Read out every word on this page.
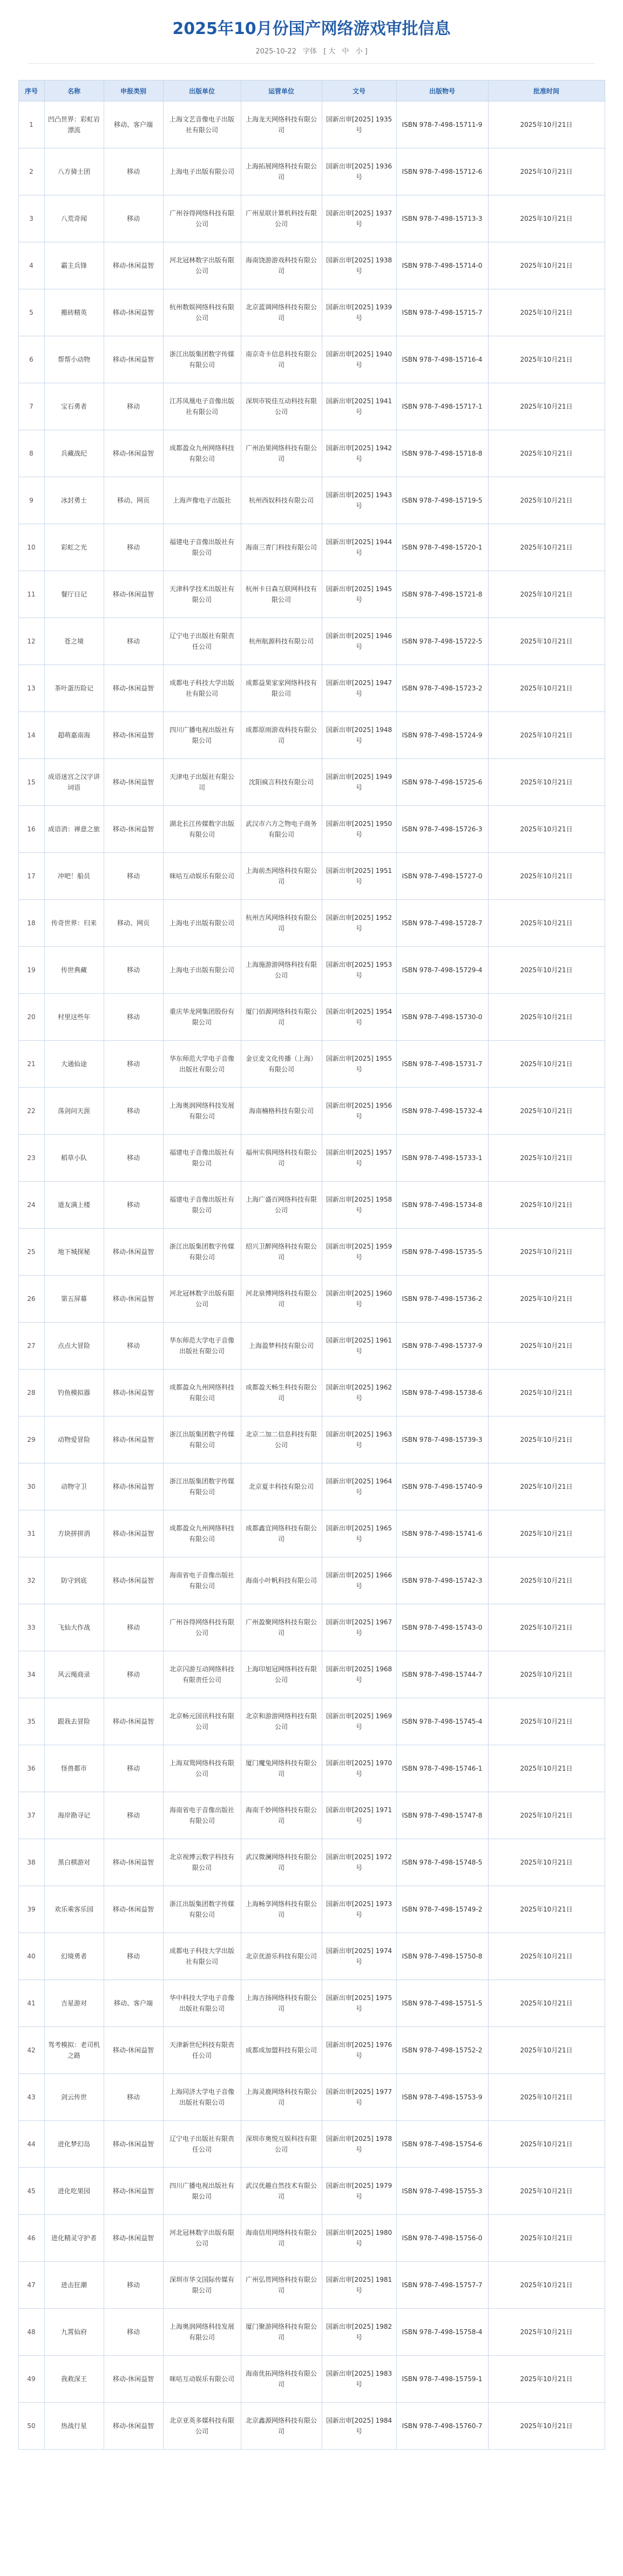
2025年10月份国产网络游戏审批信息
2025-10-22 字体 [ 大 中 小 ]
序号	名称	申报类别	出版单位	运营单位	文号	出版物号	批准时间
1	凹凸世界：彩虹岩漂流	移动、客户端	上海文艺音像电子出版社有限公司	上海龙天网络科技有限公司	国新出审[2025] 1935 号	ISBN 978-7-498-15711-9	2025年10月21日
2	八方骑士团	移动	上海电子出版有限公司	上海拓展网络科技有限公司	国新出审[2025] 1936 号	ISBN 978-7-498-15712-6	2025年10月21日
3	八荒奇闻	移动	广州谷得网络科技有限公司	广州星联计算机科技有限公司	国新出审[2025] 1937 号	ISBN 978-7-498-15713-3	2025年10月21日
4	霸主兵锋	移动-休闲益智	河北冠林数字出版有限公司	海南饶游游戏科技有限公司	国新出审[2025] 1938 号	ISBN 978-7-498-15714-0	2025年10月21日
5	搬砖精英	移动-休闲益智	杭州数娱网络科技有限公司	北京蓝调网络科技有限公司	国新出审[2025] 1939 号	ISBN 978-7-498-15715-7	2025年10月21日
6	帮帮小动物	移动-休闲益智	浙江出版集团数字传媒有限公司	南京奇卡信息科技有限公司	国新出审[2025] 1940 号	ISBN 978-7-498-15716-4	2025年10月21日
7	宝石勇者	移动	江苏凤凰电子音像出版社有限公司	深圳市锐佳互动科技有限公司	国新出审[2025] 1941 号	ISBN 978-7-498-15717-1	2025年10月21日
8	兵藏战纪	移动-休闲益智	成都盈众九州网络科技有限公司	广州治果网络科技有限公司	国新出审[2025] 1942 号	ISBN 978-7-498-15718-8	2025年10月21日
9	冰封勇士	移动、网页	上海声像电子出版社	杭州西奴科技有限公司	国新出审[2025] 1943 号	ISBN 978-7-498-15719-5	2025年10月21日
10	彩虹之光	移动	福建电子音像出版社有限公司	海南三青门科技有限公司	国新出审[2025] 1944 号	ISBN 978-7-498-15720-1	2025年10月21日
11	餐厅日记	移动-休闲益智	天津科学技术出版社有限公司	杭州卡日森互联网科技有限公司	国新出审[2025] 1945 号	ISBN 978-7-498-15721-8	2025年10月21日
12	苍之境	移动	辽宁电子出版社有限责任公司	杭州航源科技有限公司	国新出审[2025] 1946 号	ISBN 978-7-498-15722-5	2025年10月21日
13	茶叶蛋历险记	移动-休闲益智	成都电子科技大学出版社有限公司	成都益果家家网络科技有限公司	国新出审[2025] 1947 号	ISBN 978-7-498-15723-2	2025年10月21日
14	超萌嘉南海	移动-休闲益智	四川广播电视出版社有限公司	成都原雨游戏科技有限公司	国新出审[2025] 1948 号	ISBN 978-7-498-15724-9	2025年10月21日
15	成语迷宫之汉字讲词语	移动-休闲益智	天津电子出版社有限公司	沈阳疯言科技有限公司	国新出审[2025] 1949 号	ISBN 978-7-498-15725-6	2025年10月21日
16	成语消：禅意之旅	移动-休闲益智	湖北长江传媒数字出版有限公司	武汉市六方之物电子商务有限公司	国新出审[2025] 1950 号	ISBN 978-7-498-15726-3	2025年10月21日
17	冲吧！船员	移动	咪咕互动娱乐有限公司	上海前杰网络科技有限公司	国新出审[2025] 1951 号	ISBN 978-7-498-15727-0	2025年10月21日
18	传奇世界：归来	移动、网页	上海电子出版有限公司	杭州吉风网络科技有限公司	国新出审[2025] 1952 号	ISBN 978-7-498-15728-7	2025年10月21日
19	传世典藏	移动	上海电子出版有限公司	上海施游游网络科技有限公司	国新出审[2025] 1953 号	ISBN 978-7-498-15729-4	2025年10月21日
20	村里这些年	移动	重庆华龙网集团股份有限公司	厦门佰源网络科技有限公司	国新出审[2025] 1954 号	ISBN 978-7-498-15730-0	2025年10月21日
21	大通仙途	移动	华东师范大学电子音像出版社有限公司	金豆麦文化传播（上海）有限公司	国新出审[2025] 1955 号	ISBN 978-7-498-15731-7	2025年10月21日
22	荡剑问天涯	移动	上海奥润网络科技发展有限公司	海南楠格科技有限公司	国新出审[2025] 1956 号	ISBN 978-7-498-15732-4	2025年10月21日
23	稻草小队	移动	福建电子音像出版社有限公司	福州实俱网络科技有限公司	国新出审[2025] 1957 号	ISBN 978-7-498-15733-1	2025年10月21日
24	道友满上楼	移动	福建电子音像出版社有限公司	上海广盛百网络科技有限公司	国新出审[2025] 1958 号	ISBN 978-7-498-15734-8	2025年10月21日
25	地下城探秘	移动-休闲益智	浙江出版集团数字传媒有限公司	绍兴卫醉网络科技有限公司	国新出审[2025] 1959 号	ISBN 978-7-498-15735-5	2025年10月21日
26	第五屏幕	移动-休闲益智	河北冠林数字出版有限公司	河北泉博网络科技有限公司	国新出审[2025] 1960 号	ISBN 978-7-498-15736-2	2025年10月21日
27	点点大冒险	移动	华东师范大学电子音像出版社有限公司	上海盈梦科技有限公司	国新出审[2025] 1961 号	ISBN 978-7-498-15737-9	2025年10月21日
28	钓鱼模拟器	移动-休闲益智	成都盈众九州网络科技有限公司	成都盈天畅生科技有限公司	国新出审[2025] 1962 号	ISBN 978-7-498-15738-6	2025年10月21日
29	动物爱冒险	移动-休闲益智	浙江出版集团数字传媒有限公司	北京二加二信息科技有限公司	国新出审[2025] 1963 号	ISBN 978-7-498-15739-3	2025年10月21日
30	动物守卫	移动-休闲益智	浙江出版集团数字传媒有限公司	北京夏丰科技有限公司	国新出审[2025] 1964 号	ISBN 978-7-498-15740-9	2025年10月21日
31	方块拼拼消	移动-休闲益智	成都盈众九州网络科技有限公司	成都鑫宜网络科技有限公司	国新出审[2025] 1965 号	ISBN 978-7-498-15741-6	2025年10月21日
32	防守到底	移动-休闲益智	海南省电子音像出版社有限公司	海南小叶帆科技有限公司	国新出审[2025] 1966 号	ISBN 978-7-498-15742-3	2025年10月21日
33	飞仙大作战	移动	广州谷得网络科技有限公司	广州盈聚网络科技有限公司	国新出审[2025] 1967 号	ISBN 978-7-498-15743-0	2025年10月21日
34	风云绳商录	移动	北京闪游互动网络科技有限责任公司	上海印旭冠网络科技有限公司	国新出审[2025] 1968 号	ISBN 978-7-498-15744-7	2025年10月21日
35	跟我去冒险	移动-休闲益智	北京畅元国讯科技有限公司	北京和游游网络科技有限公司	国新出审[2025] 1969 号	ISBN 978-7-498-15745-4	2025年10月21日
36	怪兽都市	移动	上海双鸳网络科技有限公司	厦门魔兔网络科技有限公司	国新出审[2025] 1970 号	ISBN 978-7-498-15746-1	2025年10月21日
37	海岸勘寻记	移动	海南省电子音像出版社有限公司	海南千妙网络科技有限公司	国新出审[2025] 1971 号	ISBN 978-7-498-15747-8	2025年10月21日
38	黑白棋游对	移动-休闲益智	北京视博云数字科技有限公司	武汉微澜网络科技有限公司	国新出审[2025] 1972 号	ISBN 978-7-498-15748-5	2025年10月21日
39	欢乐乘客乐园	移动-休闲益智	浙江出版集团数字传媒有限公司	上海畅享网络科技有限公司	国新出审[2025] 1973 号	ISBN 978-7-498-15749-2	2025年10月21日
40	幻境勇者	移动	成都电子科技大学出版社有限公司	北京优游乐科技有限公司	国新出审[2025] 1974 号	ISBN 978-7-498-15750-8	2025年10月21日
41	吉星游对	移动、客户端	华中科技大学电子音像出版社有限公司	上海吉扬网络科技有限公司	国新出审[2025] 1975 号	ISBN 978-7-498-15751-5	2025年10月21日
42	驾考模拟：老司机之路	移动-休闲益智	天津新世纪科技有限责任公司	成都成加盟科技有限公司	国新出审[2025] 1976 号	ISBN 978-7-498-15752-2	2025年10月21日
43	剑云传世	移动	上海同济大学电子音像出版社有限公司	上海灵鹿网络科技有限公司	国新出审[2025] 1977 号	ISBN 978-7-498-15753-9	2025年10月21日
44	进化梦幻岛	移动-休闲益智	辽宁电子出版社有限责任公司	深圳市奥悦互娱科技有限公司	国新出审[2025] 1978 号	ISBN 978-7-498-15754-6	2025年10月21日
45	进化吃果园	移动-休闲益智	四川广播电视出版社有限公司	武汉优趣自然技术有限公司	国新出审[2025] 1979 号	ISBN 978-7-498-15755-3	2025年10月21日
46	进化精灵守护者	移动-休闲益智	河北冠林数字出版有限公司	海南信用网络科技有限公司	国新出审[2025] 1980 号	ISBN 978-7-498-15756-0	2025年10月21日
47	进击狂潮	移动	深圳市华文国际传媒有限公司	广州弘贯网络科技有限公司	国新出审[2025] 1981 号	ISBN 978-7-498-15757-7	2025年10月21日
48	九霄仙府	移动	上海奥润网络科技发展有限公司	厦门聚游网络科技有限公司	国新出审[2025] 1982 号	ISBN 978-7-498-15758-4	2025年10月21日
49	我救深王	移动-休闲益智	咪咕互动娱乐有限公司	海南优拓网络科技有限公司	国新出审[2025] 1983 号	ISBN 978-7-498-15759-1	2025年10月21日
50	热战行星	移动-休闲益智	北京亚英多媒科技有限公司	北京鑫源网络科技有限公司	国新出审[2025] 1984 号	ISBN 978-7-498-15760-7	2025年10月21日
